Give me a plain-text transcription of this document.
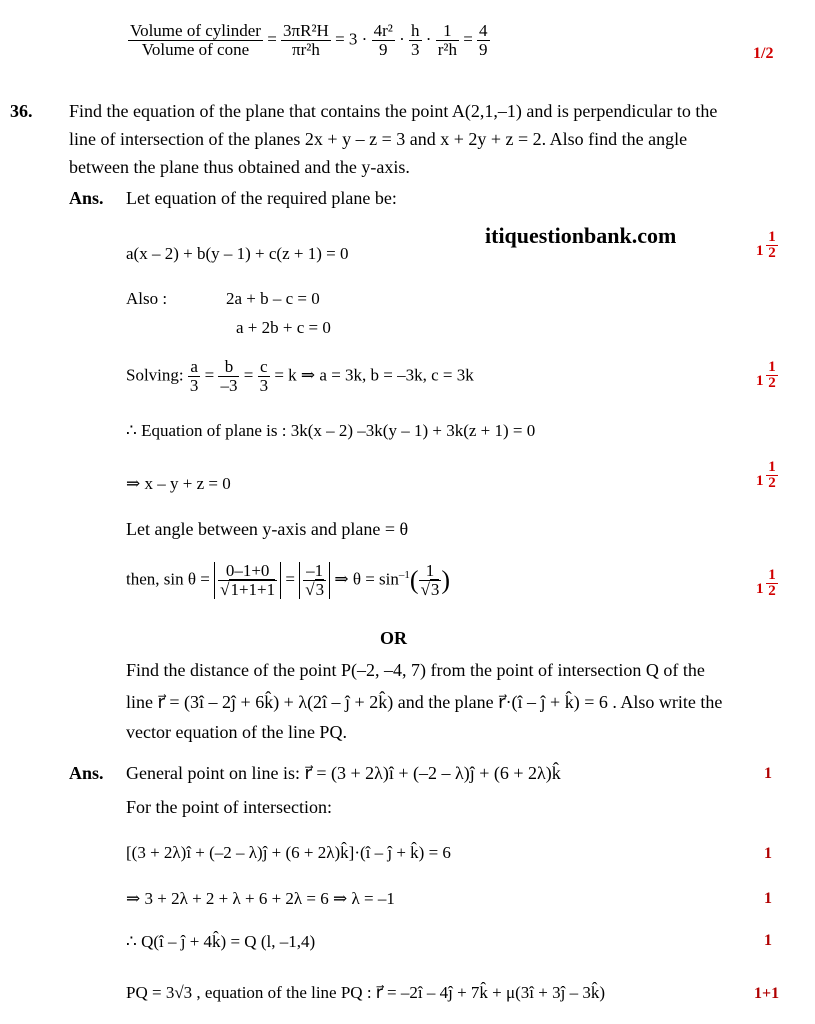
$\frac{\text{Volume of cylinder}}{\text{Volume of cone}} = \frac{\text{3πR²H}}{\text{πr²h}} = 3 \cdot \frac{\text{4r²}}{9} \cdot \frac{h}{3} \cdot \frac{1}{\text{r²h}} = \frac{4}{9}$	1/2
36. Find the equation of the plane that contains the point A(2,1,–1) and is perpendicular to the
line of intersection of the planes 2x + y – z = 3 and x + 2y + z = 2. Also find the angle
between the plane thus obtained and the y-axis.
Ans. Let equation of the required plane be:
a(x – 2) + b(y – 1) + c(z + 1) = 0
itiquestionbank.com
Also :	2a + b – c = 0
a + 2b + c = 0
Solving: $\frac{a}{3} = \frac{b}{-3} = \frac{c}{3} = k$ ⇒ a = 3k, b = –3k, c = 3k
∴ Equation of plane is : 3k(x – 2) –3k(y – 1) + 3k(z + 1) = 0
⇒ x – y + z = 0
Let angle between y-axis and plane = θ
then, $\sin \theta = \frac{0-1+0}{√1+1+1} = \frac{-1}{√3}$ ⇒ $\theta = \sin^{-1}( \frac{1}{√3}$ )
1
1
2
1
1
2
1
1
2
1
1
2
OR
Find the distance of the point P(–2, –4, 7) from the point of intersection Q of the
line r⃗ = (3î – 2ĵ + 6k̂) + λ(2î – ĵ + 2k̂) and the plane r⃗·(î – ĵ + k̂) = 6 . Also write the
vector equation of the line PQ.
Ans. General point on line is: r⃗ = (3 + 2λ)î + (–2 – λ)ĵ + (6 + 2λ)k̂	1
For the point of intersection:
[(3 + 2λ)î + (–2 – λ)ĵ + (6 + 2λ)k̂]·(î – ĵ + k̂) = 6	1
⇒ 3 + 2λ + 2 + λ + 6 + 2λ = 6 ⇒ λ = –1	1
∴ Q(î – ĵ + 4k̂) = Q (l, –1,4)	1
PQ = 3√3 , equation of the line PQ : r⃗ = –2î – 4ĵ + 7k̂ + μ(3î + 3ĵ – 3k̂)	1+1
